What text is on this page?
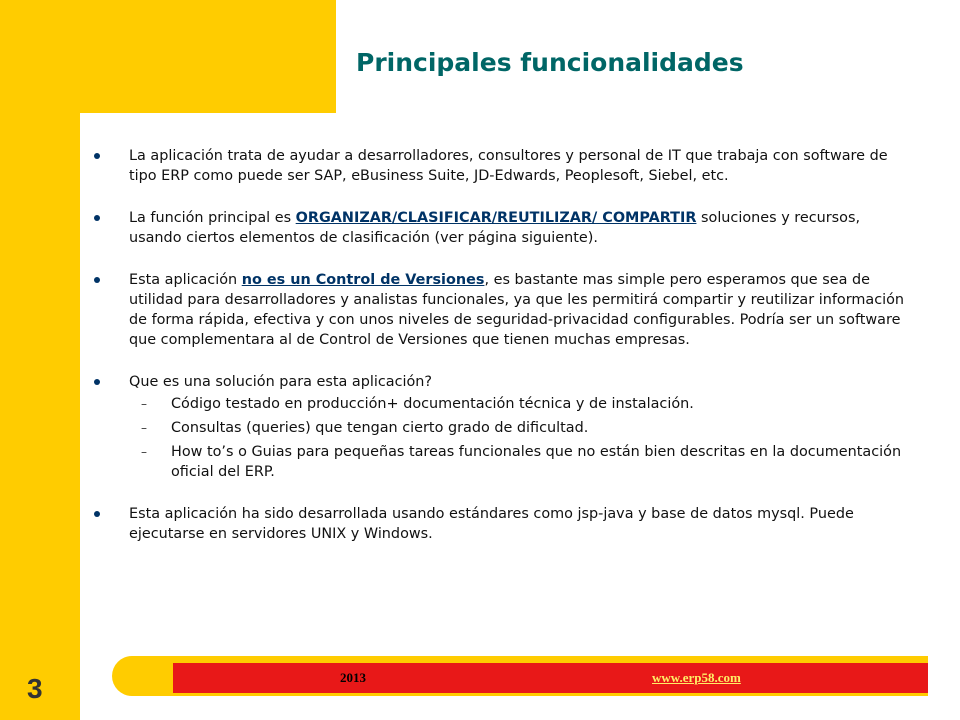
Principales funcionalidades
La aplicación trata de ayudar a desarrolladores, consultores y personal de IT que trabaja con software de tipo ERP como puede ser SAP, eBusiness Suite, JD-Edwards, Peoplesoft, Siebel, etc.
La función principal es ORGANIZAR/CLASIFICAR/REUTILIZAR/ COMPARTIR soluciones y recursos, usando ciertos elementos de clasificación (ver página siguiente).
Esta aplicación no es un Control de Versiones, es bastante mas simple pero esperamos que sea de utilidad para desarrolladores y analistas funcionales, ya que les permitirá compartir y reutilizar información de forma rápida, efectiva y con unos niveles de seguridad-privacidad configurables. Podría ser un software que complementara al de Control de Versiones que tienen muchas empresas.
Que es una solución para esta aplicación?
– Código testado en producción+ documentación técnica y de instalación.
– Consultas (queries) que tengan cierto grado de dificultad.
– How to’s o Guias para pequeñas tareas funcionales que no están bien descritas en la documentación oficial del ERP.
Esta aplicación ha sido desarrollada usando estándares como jsp-java y base de datos mysql. Puede ejecutarse en servidores UNIX y Windows.
2013	www.erp58.com
3
